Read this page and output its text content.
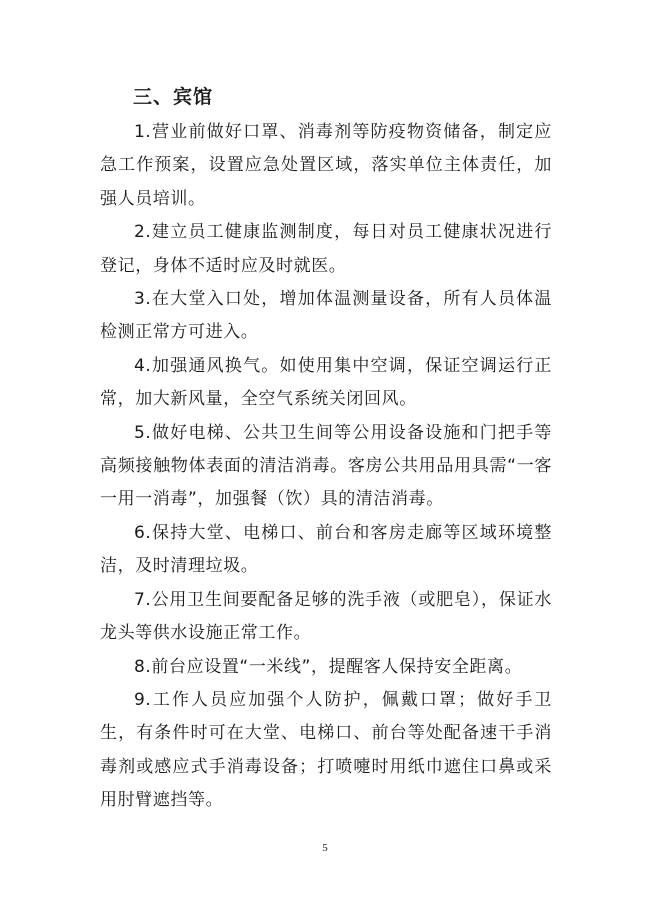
三、宾馆

1.营业前做好口罩、消毒剂等防疫物资储备，制定应急工作预案，设置应急处置区域，落实单位主体责任，加强人员培训。

2.建立员工健康监测制度，每日对员工健康状况进行登记，身体不适时应及时就医。

3.在大堂入口处，增加体温测量设备，所有人员体温检测正常方可进入。

4.加强通风换气。如使用集中空调，保证空调运行正常，加大新风量，全空气系统关闭回风。

5.做好电梯、公共卫生间等公用设备设施和门把手等高频接触物体表面的清洁消毒。客房公共用品用具需“一客一用一消毒”，加强餐（饮）具的清洁消毒。

6.保持大堂、电梯口、前台和客房走廊等区域环境整洁，及时清理垃圾。

7.公用卫生间要配备足够的洗手液（或肥皂），保证水龙头等供水设施正常工作。

8.前台应设置“一米线”，提醒客人保持安全距离。

9.工作人员应加强个人防护，佩戴口罩；做好手卫生，有条件时可在大堂、电梯口、前台等处配备速干手消毒剂或感应式手消毒设备；打喷嚏时用纸巾遮住口鼻或采用肘臂遮挡等。

5
